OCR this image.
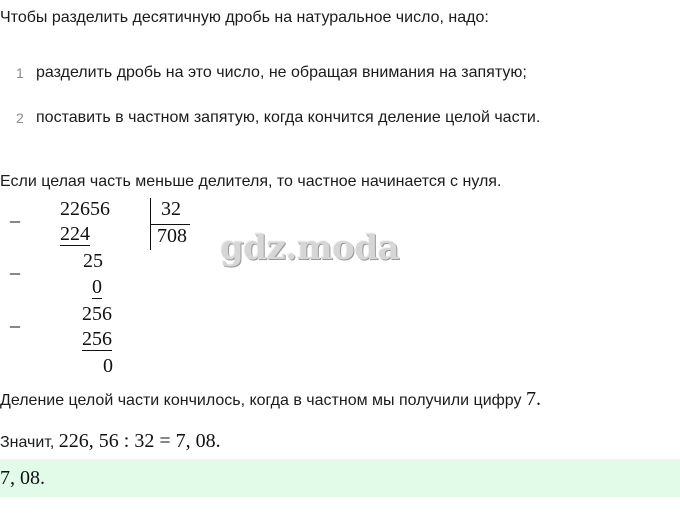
Чтобы разделить десятичную дробь на натуральное число, надо:
1 разделить дробь на это число, не обращая внимания на запятую;
2 поставить в частном запятую, когда кончится деление целой части.
Если целая часть меньше делителя, то частное начинается с нуля.
_
_
_
22656
224
25
0
256
256
0
32
708 gdz.moda
Деление целой части кончилось, когда в частном мы получили цифру 7.
Значит, 226, 56 : 32 = 7, 08.
7, 08.
